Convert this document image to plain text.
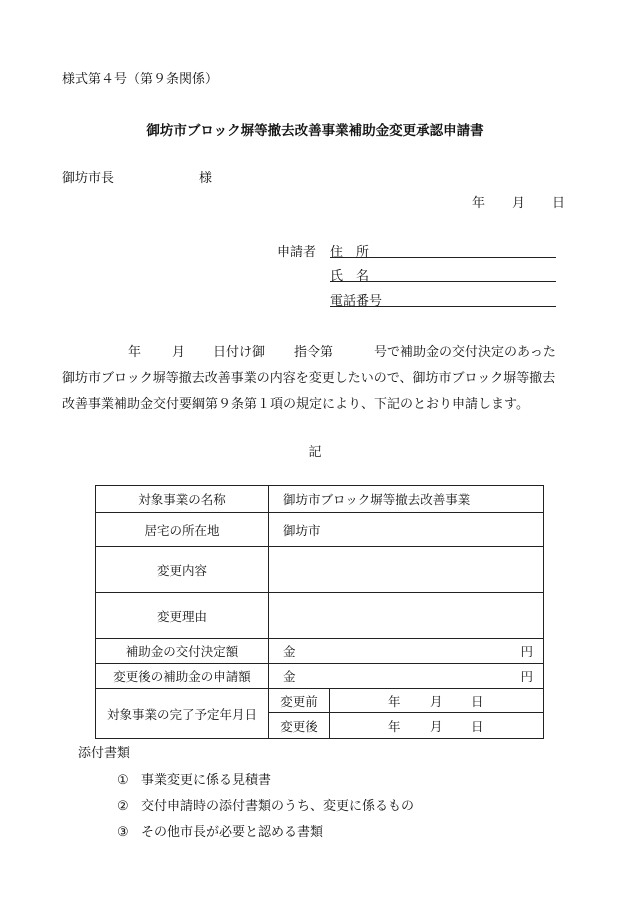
様式第４号（第９条関係）
御坊市ブロック塀等撤去改善事業補助金変更承認申請書
御坊市長	様
年 月 日
申請者 住　所
氏　名
電話番号
年 月 日付け御 指令第	号で補助金の交付決定のあった
御坊市ブロック塀等撤去改善事業の内容を変更したいので、御坊市ブロック塀等撤去
改善事業補助金交付要綱第９条第１項の規定により、下記のとおり申請します。
記
対象事業の名称	御坊市ブロック塀等撤去改善事業	
居宅の所在地	御坊市	
変更内容		
変更理由		
補助金の交付決定額	金 円	

変更後の補助金の申請額	金 円	

対象事業の完了予定年月日	変更前	年 月 日

	変更後	年 月 日
添付書類
① 事業変更に係る見積書
② 交付申請時の添付書類のうち、変更に係るもの
③ その他市長が必要と認める書類
